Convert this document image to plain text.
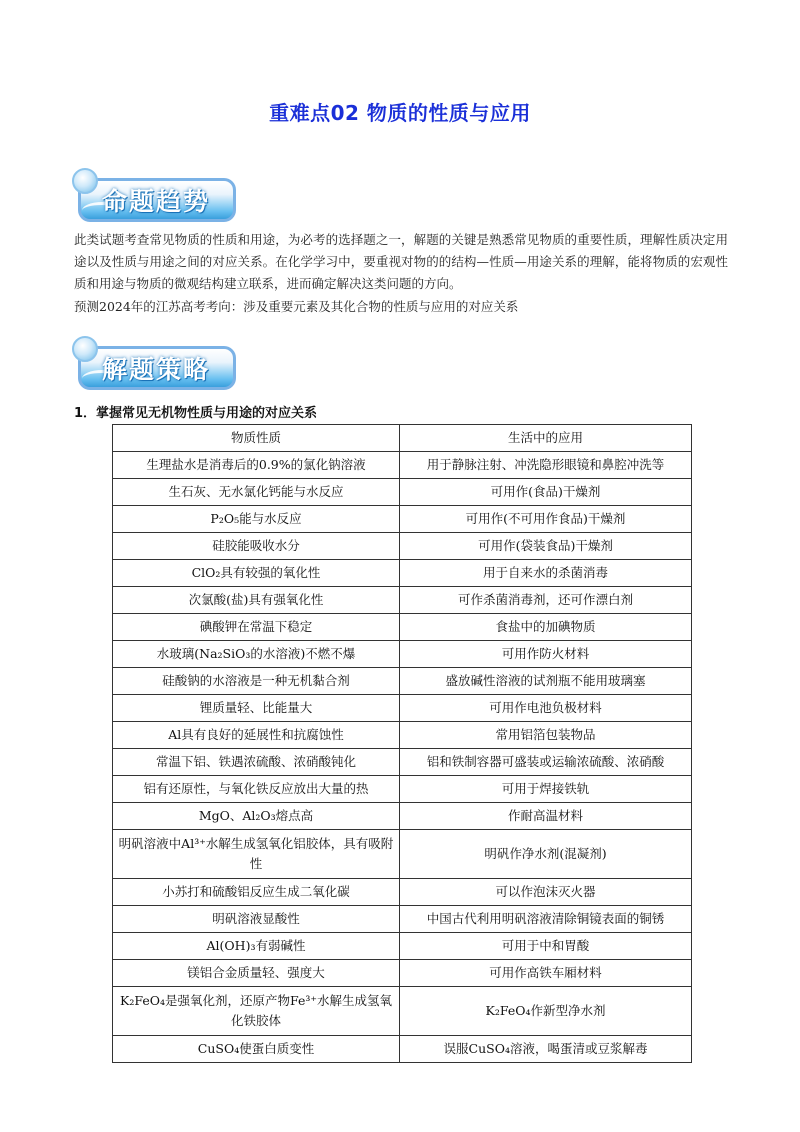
重难点02 物质的性质与应用
命题趋势
此类试题考查常见物质的性质和用途，为必考的选择题之一，解题的关键是熟悉常见物质的重要性质，理解性质决定用途以及性质与用途之间的对应关系。在化学学习中，要重视对物的的结构—性质—用途关系的理解，能将物质的宏观性质和用途与物质的微观结构建立联系，进而确定解决这类问题的方向。
预测2024年的江苏高考考向：涉及重要元素及其化合物的性质与应用的对应关系
解题策略
1．掌握常见无机物性质与用途的对应关系
物质性质	生活中的应用
生理盐水是消毒后的0.9%的氯化钠溶液	用于静脉注射、冲洗隐形眼镜和鼻腔冲洗等
生石灰、无水氯化钙能与水反应	可用作(食品)干燥剂
P₂O₅能与水反应	可用作(不可用作食品)干燥剂
硅胶能吸收水分	可用作(袋装食品)干燥剂
ClO₂具有较强的氧化性	用于自来水的杀菌消毒
次氯酸(盐)具有强氧化性	可作杀菌消毒剂，还可作漂白剂
碘酸钾在常温下稳定	食盐中的加碘物质
水玻璃(Na₂SiO₃的水溶液)不燃不爆	可用作防火材料
硅酸钠的水溶液是一种无机黏合剂	盛放碱性溶液的试剂瓶不能用玻璃塞
锂质量轻、比能量大	可用作电池负极材料
Al具有良好的延展性和抗腐蚀性	常用铝箔包装物品
常温下铝、铁遇浓硫酸、浓硝酸钝化	铝和铁制容器可盛装或运输浓硫酸、浓硝酸
铝有还原性，与氧化铁反应放出大量的热	可用于焊接铁轨
MgO、Al₂O₃熔点高	作耐高温材料
明矾溶液中Al³⁺水解生成氢氧化铝胶体，具有吸附性	明矾作净水剂(混凝剂)
小苏打和硫酸铝反应生成二氧化碳	可以作泡沫灭火器
明矾溶液显酸性	中国古代利用明矾溶液清除铜镜表面的铜锈
Al(OH)₃有弱碱性	可用于中和胃酸
镁铝合金质量轻、强度大	可用作高铁车厢材料
K₂FeO₄是强氧化剂，还原产物Fe³⁺水解生成氢氧化铁胶体	K₂FeO₄作新型净水剂
CuSO₄使蛋白质变性	误服CuSO₄溶液，喝蛋清或豆浆解毒
